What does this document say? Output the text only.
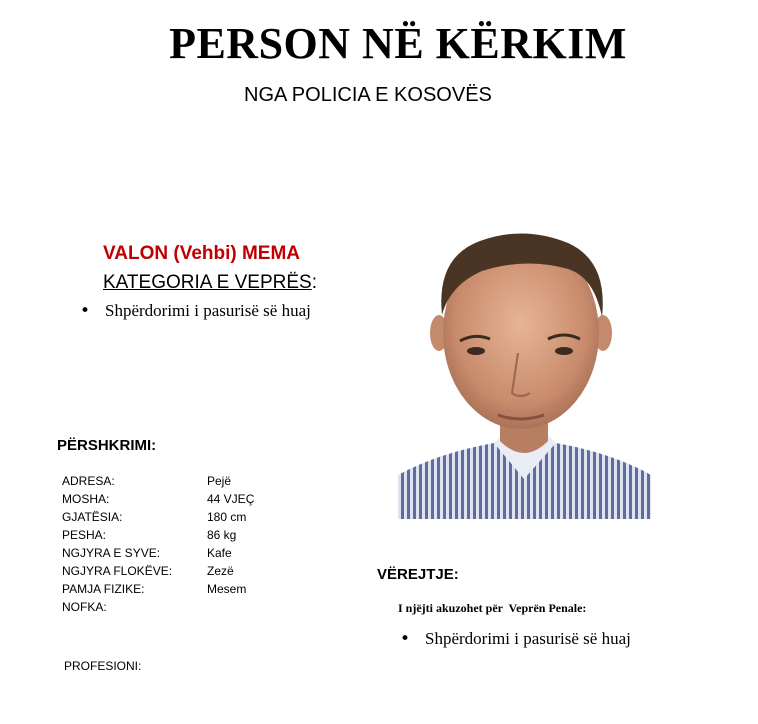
PERSON NË KËRKIM
NGA POLICIA E KOSOVËS
VALON (Vehbi) MEMA
KATEGORIA E VEPRËS:
• Shpërdorimi i pasurisë së huaj
PËRSHKRIMI:
ADRESA:	Pejë
MOSHA:	44 VJEÇ
GJATËSIA:	180 cm
PESHA:	86 kg
NGJYRA E SYVE:	Kafe
NGJYRA FLOKËVE:	Zezë
PAMJA FIZIKE:	Mesem
NOFKA:	
PROFESIONI:
VËREJTJE:
I njëjti akuzohet për  Veprën Penale:
• Shpërdorimi i pasurisë së huaj
